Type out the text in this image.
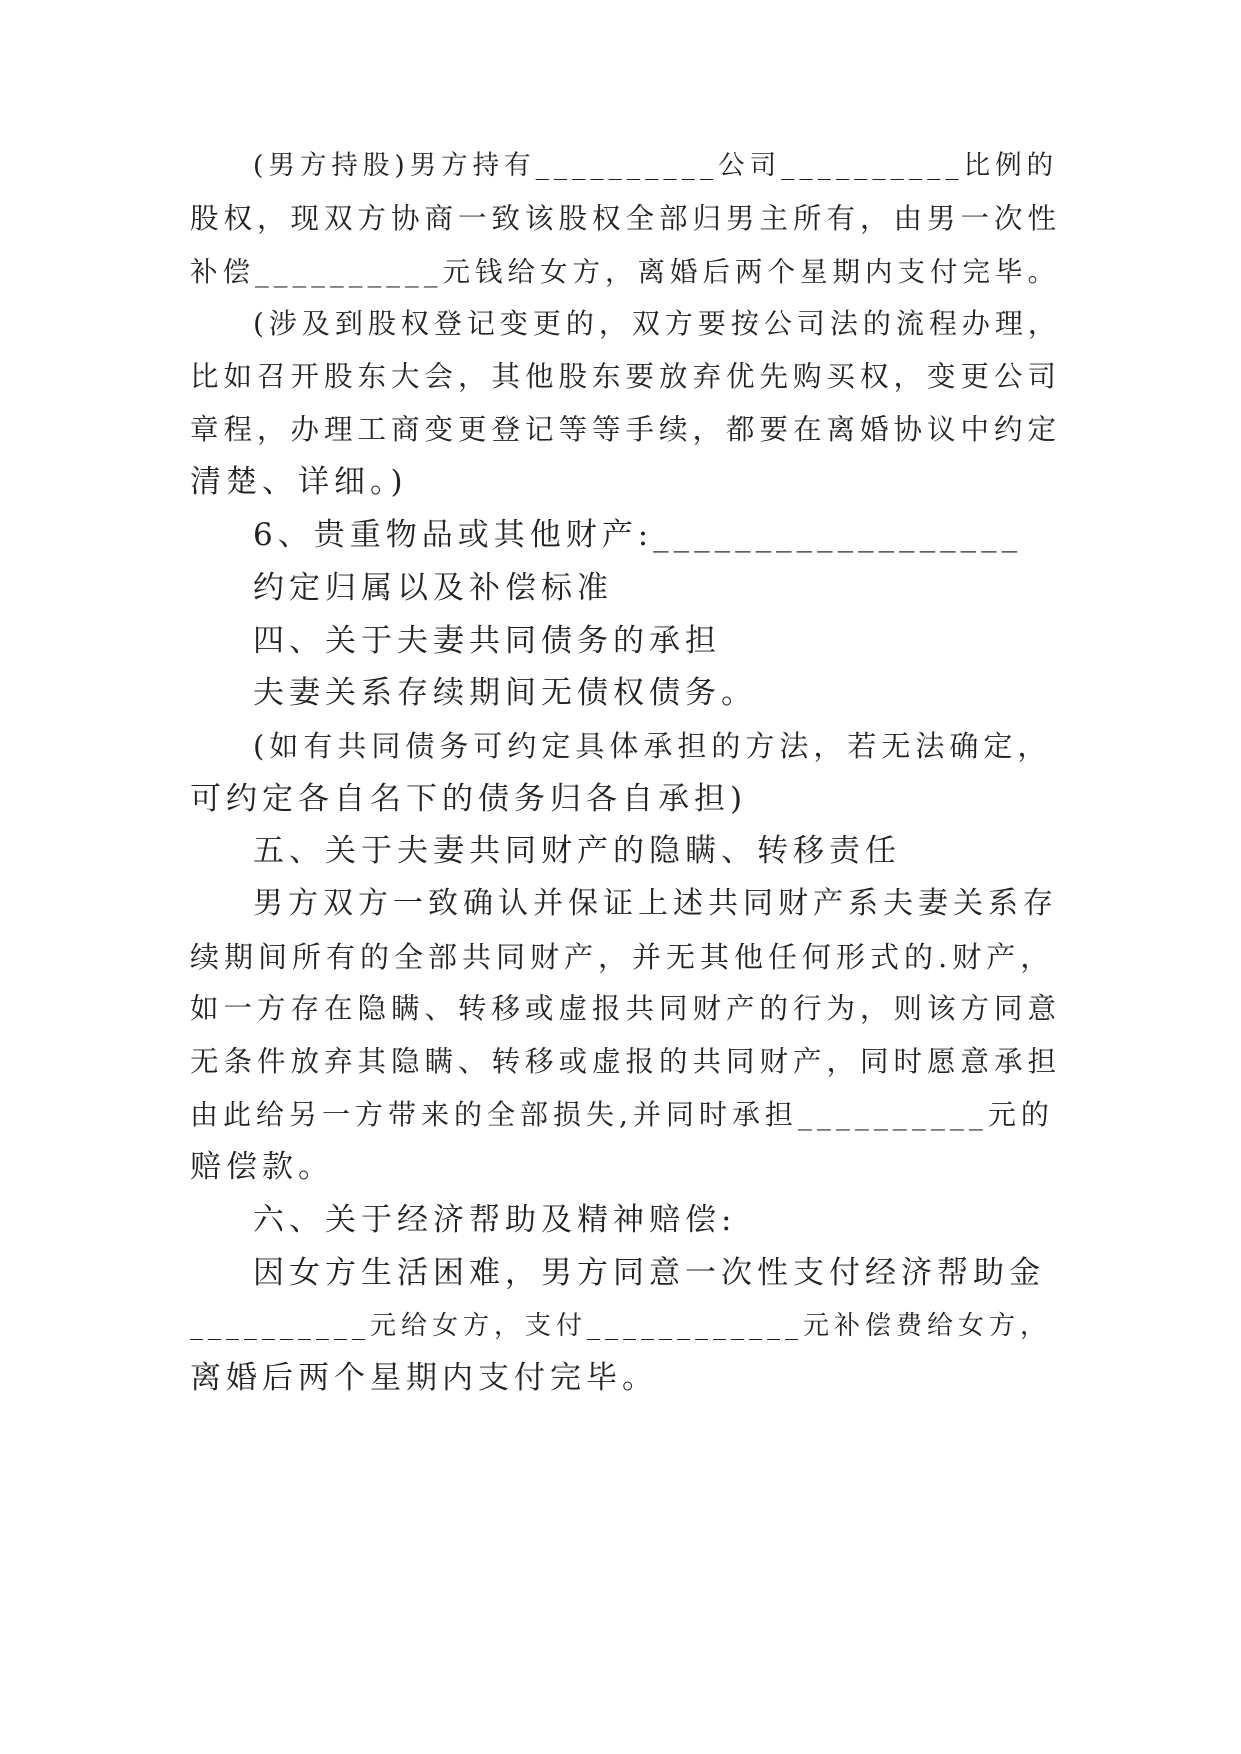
(男方持股)男方持有__________公司__________比例的
股权，现双方协商一致该股权全部归男主所有，由男一次性
补偿__________元钱给女方，离婚后两个星期内支付完毕。
(涉及到股权登记变更的，双方要按公司法的流程办理，
比如召开股东大会，其他股东要放弃优先购买权，变更公司
章程，办理工商变更登记等等手续，都要在离婚协议中约定
清楚、详细。)
6、贵重物品或其他财产:__________________
约定归属以及补偿标准
四、关于夫妻共同债务的承担
夫妻关系存续期间无债权债务。
(如有共同债务可约定具体承担的方法，若无法确定，
可约定各自名下的债务归各自承担)
五、关于夫妻共同财产的隐瞒、转移责任
男方双方一致确认并保证上述共同财产系夫妻关系存
续期间所有的全部共同财产，并无其他任何形式的.财产，
如一方存在隐瞒、转移或虚报共同财产的行为，则该方同意
无条件放弃其隐瞒、转移或虚报的共同财产，同时愿意承担
由此给另一方带来的全部损失,并同时承担__________元的
赔偿款。
六、关于经济帮助及精神赔偿:
因女方生活困难，男方同意一次性支付经济帮助金
__________元给女方，支付____________元补偿费给女方，
离婚后两个星期内支付完毕。
